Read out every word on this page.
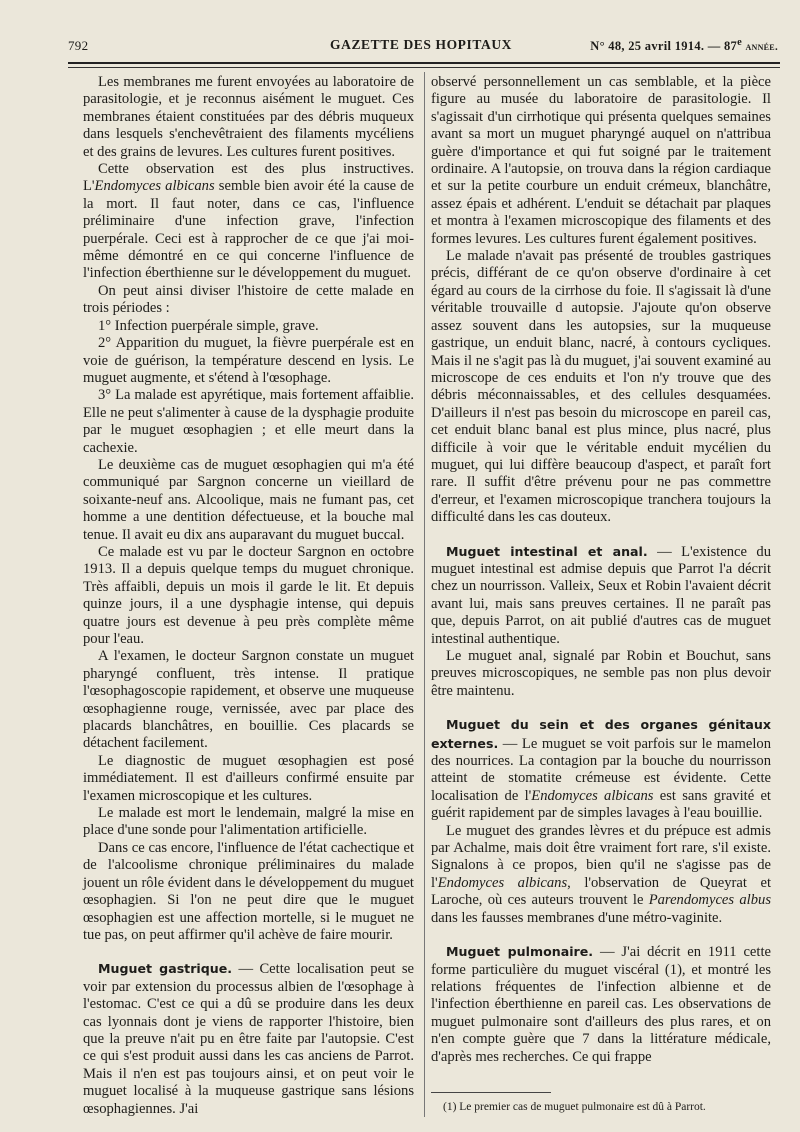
792	GAZETTE DES HOPITAUX	N° 48, 25 avril 1914. — 87e année.

Les membranes me furent envoyées au laboratoire de parasitologie, et je reconnus aisément le muguet. Ces membranes étaient constituées par des débris muqueux dans lesquels s'enchevêtraient des filaments mycéliens et des grains de levures. Les cultures furent positives.

Cette observation est des plus instructives. L'Endomyces albicans semble bien avoir été la cause de la mort. Il faut noter, dans ce cas, l'influence préliminaire d'une infection grave, l'infection puerpérale. Ceci est à rapprocher de ce que j'ai moi-même démontré en ce qui concerne l'influence de l'infection éberthienne sur le développement du muguet.

On peut ainsi diviser l'histoire de cette malade en trois périodes :

1° Infection puerpérale simple, grave.

2° Apparition du muguet, la fièvre puerpérale est en voie de guérison, la température descend en lysis. Le muguet augmente, et s'étend à l'œsophage.

3° La malade est apyrétique, mais fortement affaiblie. Elle ne peut s'alimenter à cause de la dysphagie produite par le muguet œsophagien ; et elle meurt dans la cachexie.

Le deuxième cas de muguet œsophagien qui m'a été communiqué par Sargnon concerne un vieillard de soixante-neuf ans. Alcoolique, mais ne fumant pas, cet homme a une dentition défectueuse, et la bouche mal tenue. Il avait eu dix ans auparavant du muguet buccal.

Ce malade est vu par le docteur Sargnon en octobre 1913. Il a depuis quelque temps du muguet chronique. Très affaibli, depuis un mois il garde le lit. Et depuis quinze jours, il a une dysphagie intense, qui depuis quatre jours est devenue à peu près complète même pour l'eau.

A l'examen, le docteur Sargnon constate un muguet pharyngé confluent, très intense. Il pratique l'œsophagoscopie rapidement, et observe une muqueuse œsophagienne rouge, vernissée, avec par place des placards blanchâtres, en bouillie. Ces placards se détachent facilement.

Le diagnostic de muguet œsophagien est posé immédiatement. Il est d'ailleurs confirmé ensuite par l'examen microscopique et les cultures.

Le malade est mort le lendemain, malgré la mise en place d'une sonde pour l'alimentation artificielle.

Dans ce cas encore, l'influence de l'état cachectique et de l'alcoolisme chronique préliminaires du malade jouent un rôle évident dans le développement du muguet œsophagien. Si l'on ne peut dire que le muguet œsophagien est une affection mortelle, si le muguet ne tue pas, on peut affirmer qu'il achève de faire mourir.

Muguet gastrique. — Cette localisation peut se voir par extension du processus albien de l'œsophage à l'estomac. C'est ce qui a dû se produire dans les deux cas lyonnais dont je viens de rapporter l'histoire, bien que la preuve n'ait pu en être faite par l'autopsie. C'est ce qui s'est produit aussi dans les cas anciens de Parrot. Mais il n'en est pas toujours ainsi, et on peut voir le muguet localisé à la muqueuse gastrique sans lésions œsophagiennes. J'ai

observé personnellement un cas semblable, et la pièce figure au musée du laboratoire de parasitologie. Il s'agissait d'un cirrhotique qui présenta quelques semaines avant sa mort un muguet pharyngé auquel on n'attribua guère d'importance et qui fut soigné par le traitement ordinaire. A l'autopsie, on trouva dans la région cardiaque et sur la petite courbure un enduit crémeux, blanchâtre, assez épais et adhérent. L'enduit se détachait par plaques et montra à l'examen microscopique des filaments et des formes levures. Les cultures furent également positives.

Le malade n'avait pas présenté de troubles gastriques précis, différant de ce qu'on observe d'ordinaire à cet égard au cours de la cirrhose du foie. Il s'agissait là d'une véritable trouvaille d autopsie. J'ajoute qu'on observe assez souvent dans les autopsies, sur la muqueuse gastrique, un enduit blanc, nacré, à contours cycliques. Mais il ne s'agit pas là du muguet, j'ai souvent examiné au microscope de ces enduits et l'on n'y trouve que des débris méconnaissables, et des cellules desquamées. D'ailleurs il n'est pas besoin du microscope en pareil cas, cet enduit blanc banal est plus mince, plus nacré, plus difficile à voir que le véritable enduit mycélien du muguet, qui lui diffère beaucoup d'aspect, et paraît fort rare. Il suffit d'être prévenu pour ne pas commettre d'erreur, et l'examen microscopique tranchera toujours la difficulté dans les cas douteux.

Muguet intestinal et anal. — L'existence du muguet intestinal est admise depuis que Parrot l'a décrit chez un nourrisson. Valleix, Seux et Robin l'avaient décrit avant lui, mais sans preuves certaines. Il ne paraît pas que, depuis Parrot, on ait publié d'autres cas de muguet intestinal authentique.

Le muguet anal, signalé par Robin et Bouchut, sans preuves microscopiques, ne semble pas non plus devoir être maintenu.

Muguet du sein et des organes génitaux externes. — Le muguet se voit parfois sur le mamelon des nourrices. La contagion par la bouche du nourrisson atteint de stomatite crémeuse est évidente. Cette localisation de l'Endomyces albicans est sans gravité et guérit rapidement par de simples lavages à l'eau bouillie.

Le muguet des grandes lèvres et du prépuce est admis par Achalme, mais doit être vraiment fort rare, s'il existe. Signalons à ce propos, bien qu'il ne s'agisse pas de l'Endomyces albicans, l'observation de Queyrat et Laroche, où ces auteurs trouvent le Parendomyces albus dans les fausses membranes d'une métro-vaginite.

Muguet pulmonaire. — J'ai décrit en 1911 cette forme particulière du muguet viscéral (1), et montré les relations fréquentes de l'infection albienne et de l'infection éberthienne en pareil cas. Les observations de muguet pulmonaire sont d'ailleurs des plus rares, et on n'en compte guère que 7 dans la littérature médicale, d'après mes recherches. Ce qui frappe

(1) Le premier cas de muguet pulmonaire est dû à Parrot.
